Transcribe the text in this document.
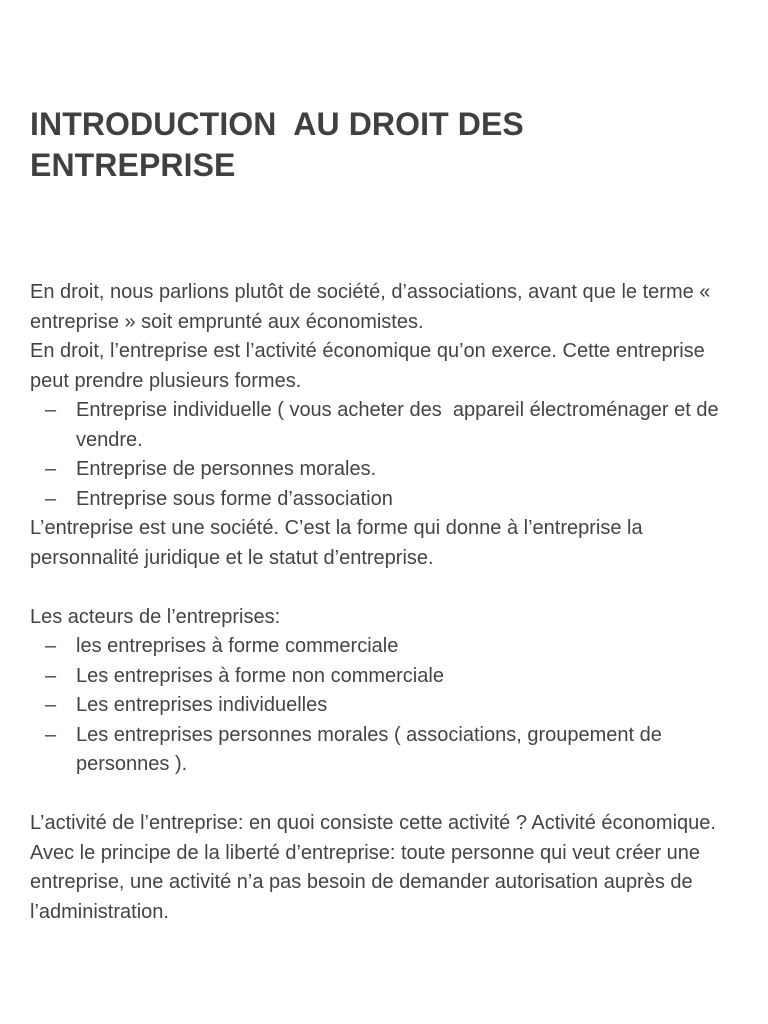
INTRODUCTION  AU DROIT DES ENTREPRISE

En droit, nous parlions plutôt de société, d’associations, avant que le terme « entreprise » soit emprunté aux économistes.

En droit, l’entreprise est l’activité économique qu’on exerce. Cette entreprise peut prendre plusieurs formes.

– Entreprise individuelle ( vous acheter des  appareil électroménager et de vendre.
– Entreprise de personnes morales.
– Entreprise sous forme d’association

L’entreprise est une société. C’est la forme qui donne à l’entreprise la personnalité juridique et le statut d’entreprise.

Les acteurs de l’entreprises:

– les entreprises à forme commerciale
– Les entreprises à forme non commerciale
– Les entreprises individuelles
– Les entreprises personnes morales ( associations, groupement de personnes ).

L’activité de l’entreprise: en quoi consiste cette activité ? Activité économique.

Avec le principe de la liberté d’entreprise: toute personne qui veut créer une entreprise, une activité n’a pas besoin de demander autorisation auprès de l’administration.
